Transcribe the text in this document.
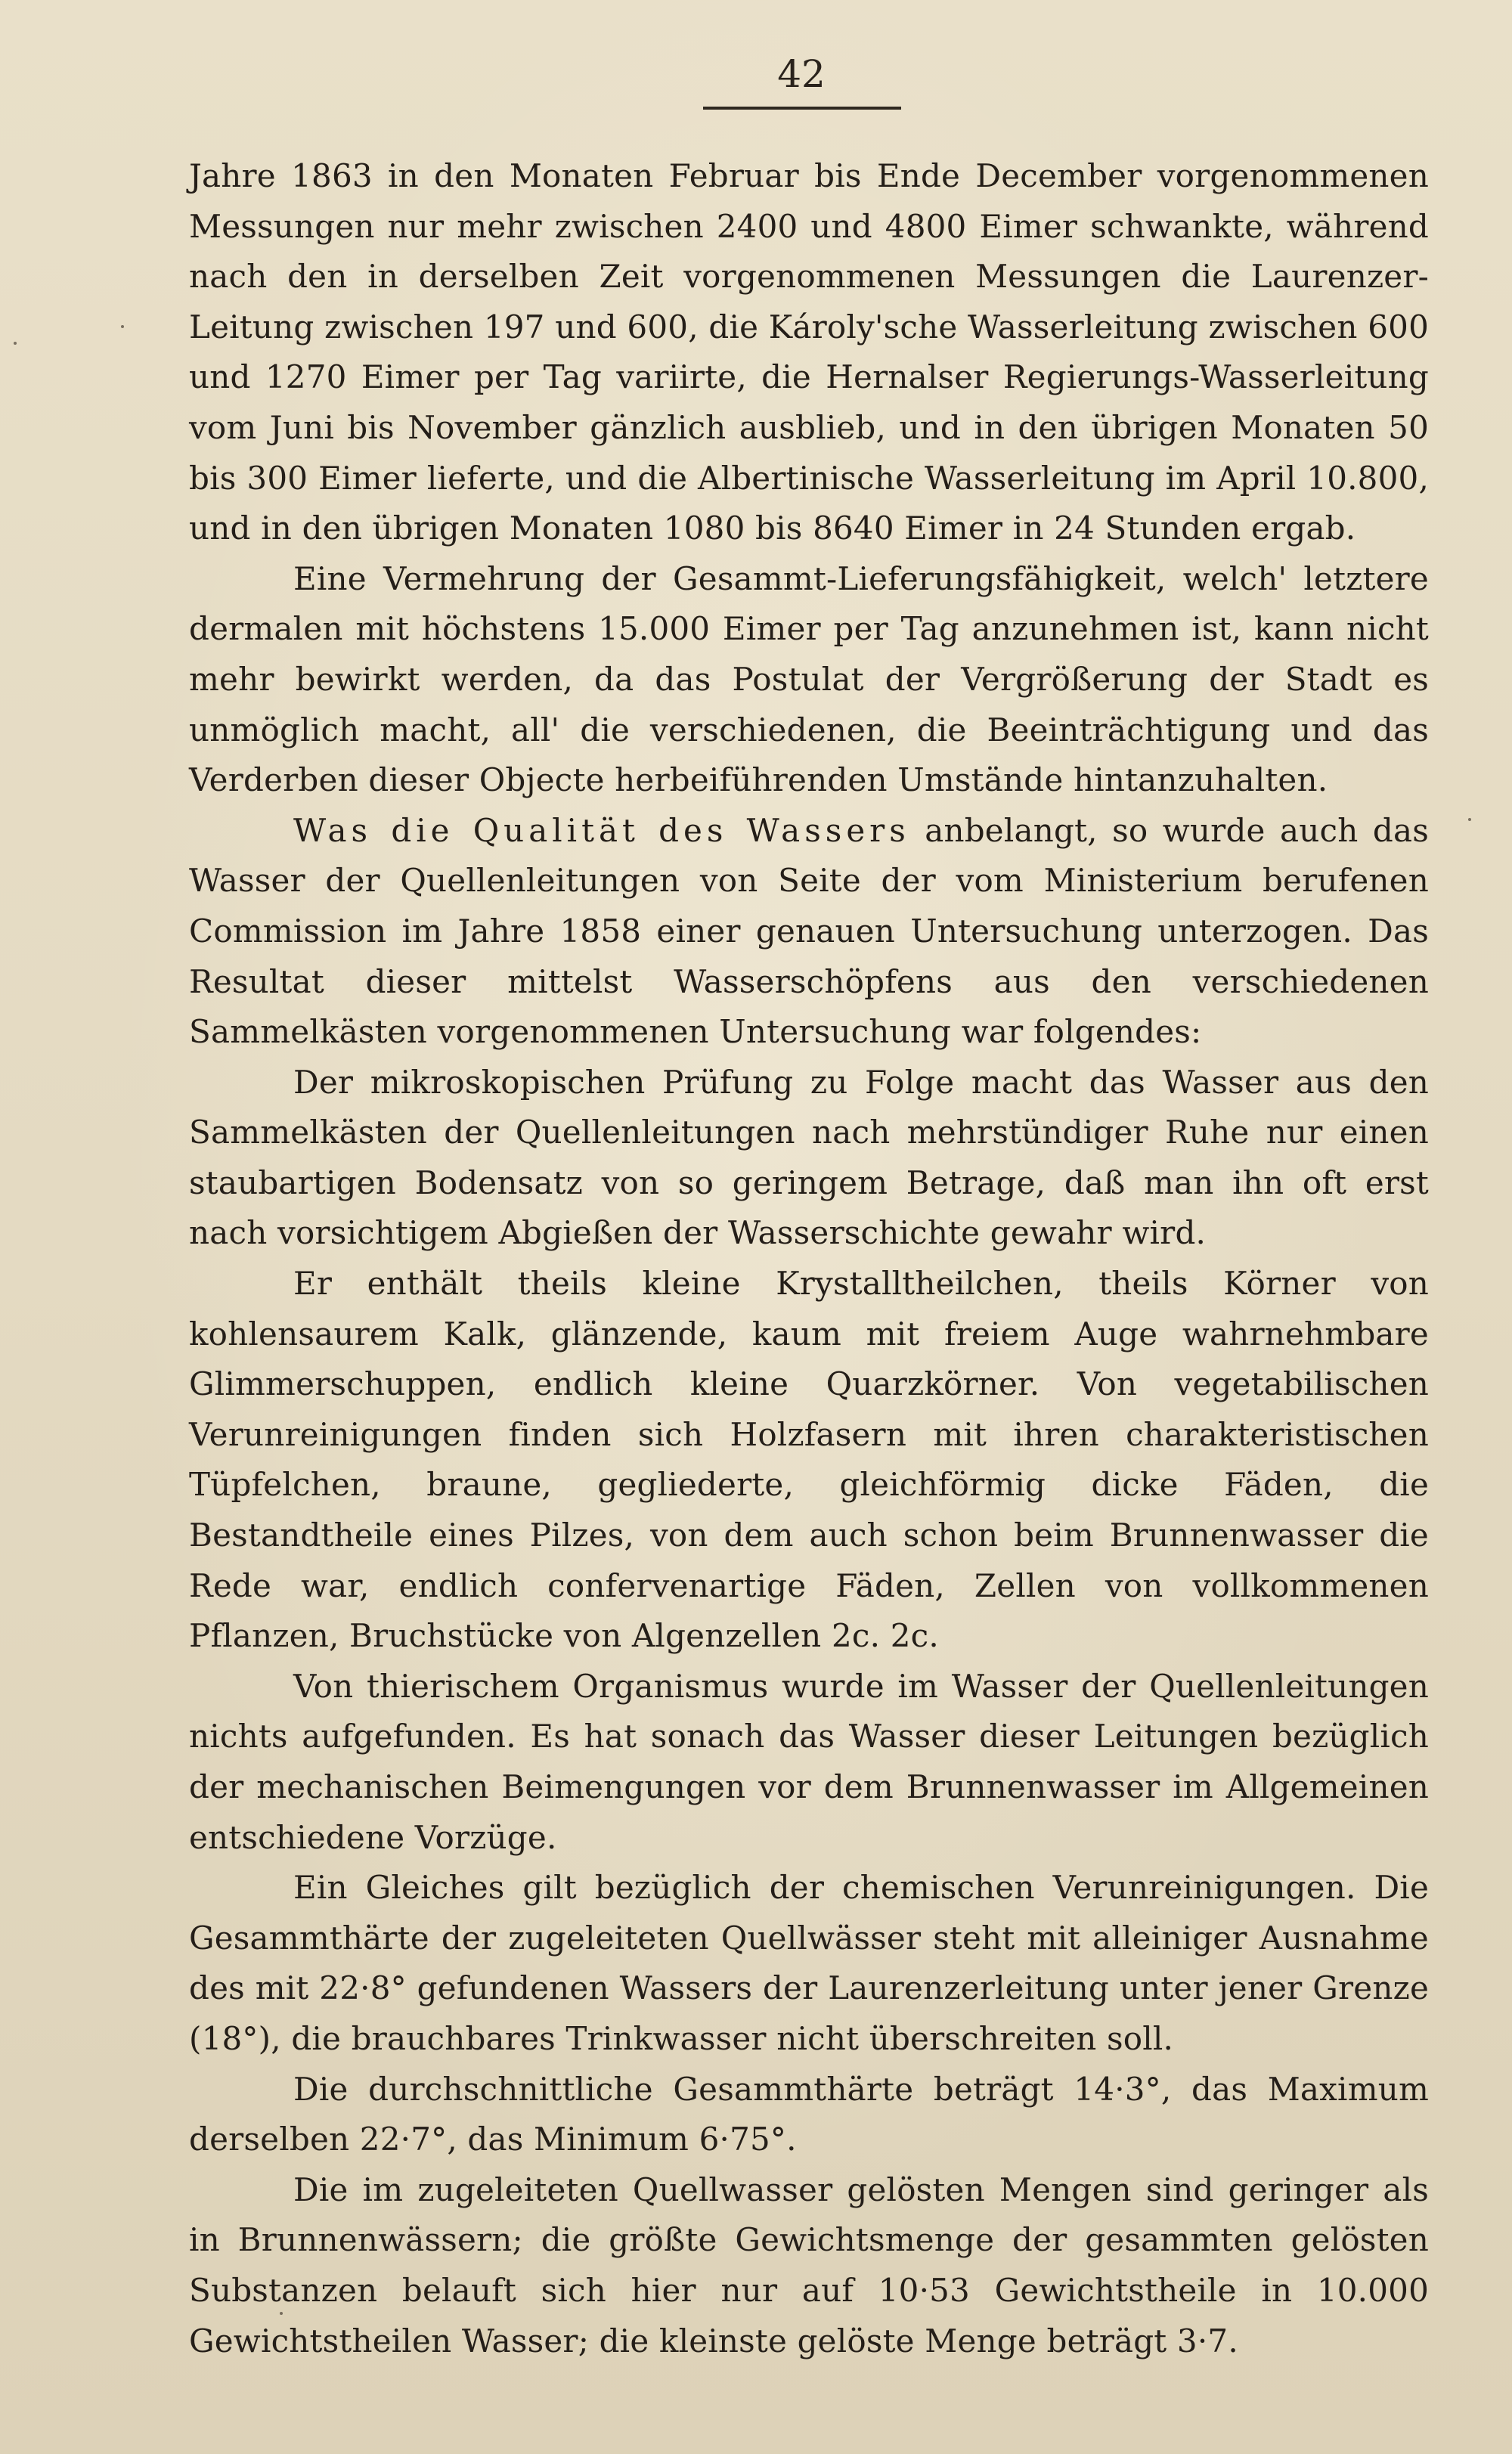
42

Jahre 1863 in den Monaten Februar bis Ende December vorgenommenen Messungen nur mehr zwischen 2400 und 4800 Eimer schwankte, während nach den in derselben Zeit vorgenommenen Messungen die Laurenzer-Leitung zwischen 197 und 600, die Károly'sche Wasserleitung zwischen 600 und 1270 Eimer per Tag variirte, die Hernalser Regierungs-Wasserleitung vom Juni bis November gänzlich ausblieb, und in den übrigen Monaten 50 bis 300 Eimer lieferte, und die Albertinische Wasserleitung im April 10.800, und in den übrigen Monaten 1080 bis 8640 Eimer in 24 Stunden ergab.

Eine Vermehrung der Gesammt-Lieferungsfähigkeit, welch' letztere dermalen mit höchstens 15.000 Eimer per Tag anzunehmen ist, kann nicht mehr bewirkt werden, da das Postulat der Vergrößerung der Stadt es unmöglich macht, all' die verschiedenen, die Beeinträchtigung und das Verderben dieser Objecte herbeiführenden Umstände hintanzuhalten.

Was die Qualität des Wassers anbelangt, so wurde auch das Wasser der Quellenleitungen von Seite der vom Ministerium berufenen Commission im Jahre 1858 einer genauen Untersuchung unterzogen. Das Resultat dieser mittelst Wasserschöpfens aus den verschiedenen Sammelkästen vorgenommenen Untersuchung war folgendes:

Der mikroskopischen Prüfung zu Folge macht das Wasser aus den Sammelkästen der Quellenleitungen nach mehrstündiger Ruhe nur einen staubartigen Bodensatz von so geringem Betrage, daß man ihn oft erst nach vorsichtigem Abgießen der Wasserschichte gewahr wird.

Er enthält theils kleine Krystalltheilchen, theils Körner von kohlensaurem Kalk, glänzende, kaum mit freiem Auge wahrnehmbare Glimmerschuppen, endlich kleine Quarzkörner. Von vegetabilischen Verunreinigungen finden sich Holzfasern mit ihren charakteristischen Tüpfelchen, braune, gegliederte, gleichförmig dicke Fäden, die Bestandtheile eines Pilzes, von dem auch schon beim Brunnenwasser die Rede war, endlich confervenartige Fäden, Zellen von vollkommenen Pflanzen, Bruchstücke von Algenzellen 2c. 2c.

Von thierischem Organismus wurde im Wasser der Quellenleitungen nichts aufgefunden. Es hat sonach das Wasser dieser Leitungen bezüglich der mechanischen Beimengungen vor dem Brunnenwasser im Allgemeinen entschiedene Vorzüge.

Ein Gleiches gilt bezüglich der chemischen Verunreinigungen. Die Gesammthärte der zugeleiteten Quellwässer steht mit alleiniger Ausnahme des mit 22·8° gefundenen Wassers der Laurenzerleitung unter jener Grenze (18°), die brauchbares Trinkwasser nicht überschreiten soll.

Die durchschnittliche Gesammthärte beträgt 14·3°, das Maximum derselben 22·7°, das Minimum 6·75°.

Die im zugeleiteten Quellwasser gelösten Mengen sind geringer als in Brunnenwässern; die größte Gewichtsmenge der gesammten gelösten Substanzen belauft sich hier nur auf 10·53 Gewichtstheile in 10.000 Gewichtstheilen Wasser; die kleinste gelöste Menge beträgt 3·7.
